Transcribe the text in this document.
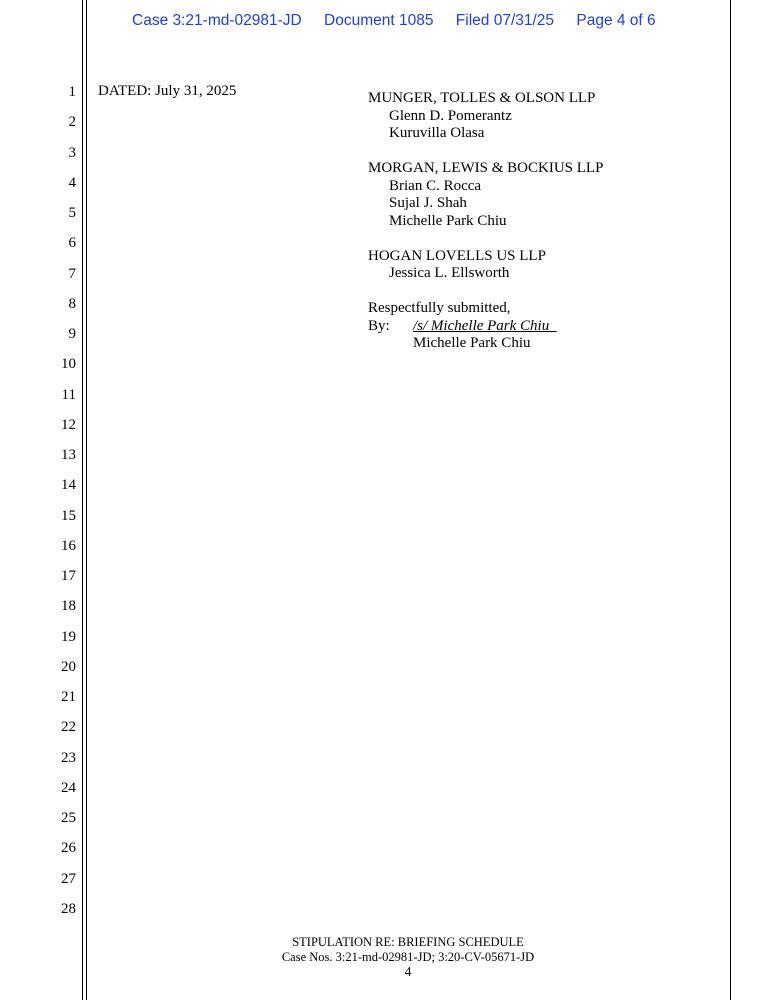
Case 3:21-md-02981-JD Document 1085 Filed 07/31/25 Page 4 of 6
1
2
3
4
5
6
7
8
9
10
11
12
13
14
15
16
17
18
19
20
21
22
23
24
25
26
27
28
DATED: July 31, 2025	MUNGER, TOLLES & OLSON LLP
Glenn D. Pomerantz
Kuruvilla Olasa
MORGAN, LEWIS & BOCKIUS LLP
Brian C. Rocca
Sujal J. Shah
Michelle Park Chiu
HOGAN LOVELLS US LLP
Jessica L. Ellsworth
Respectfully submitted,
By: /s/ Michelle Park Chiu
Michelle Park Chiu
STIPULATION RE: BRIEFING SCHEDULE
Case Nos. 3:21-md-02981-JD; 3:20-CV-05671-JD
4
